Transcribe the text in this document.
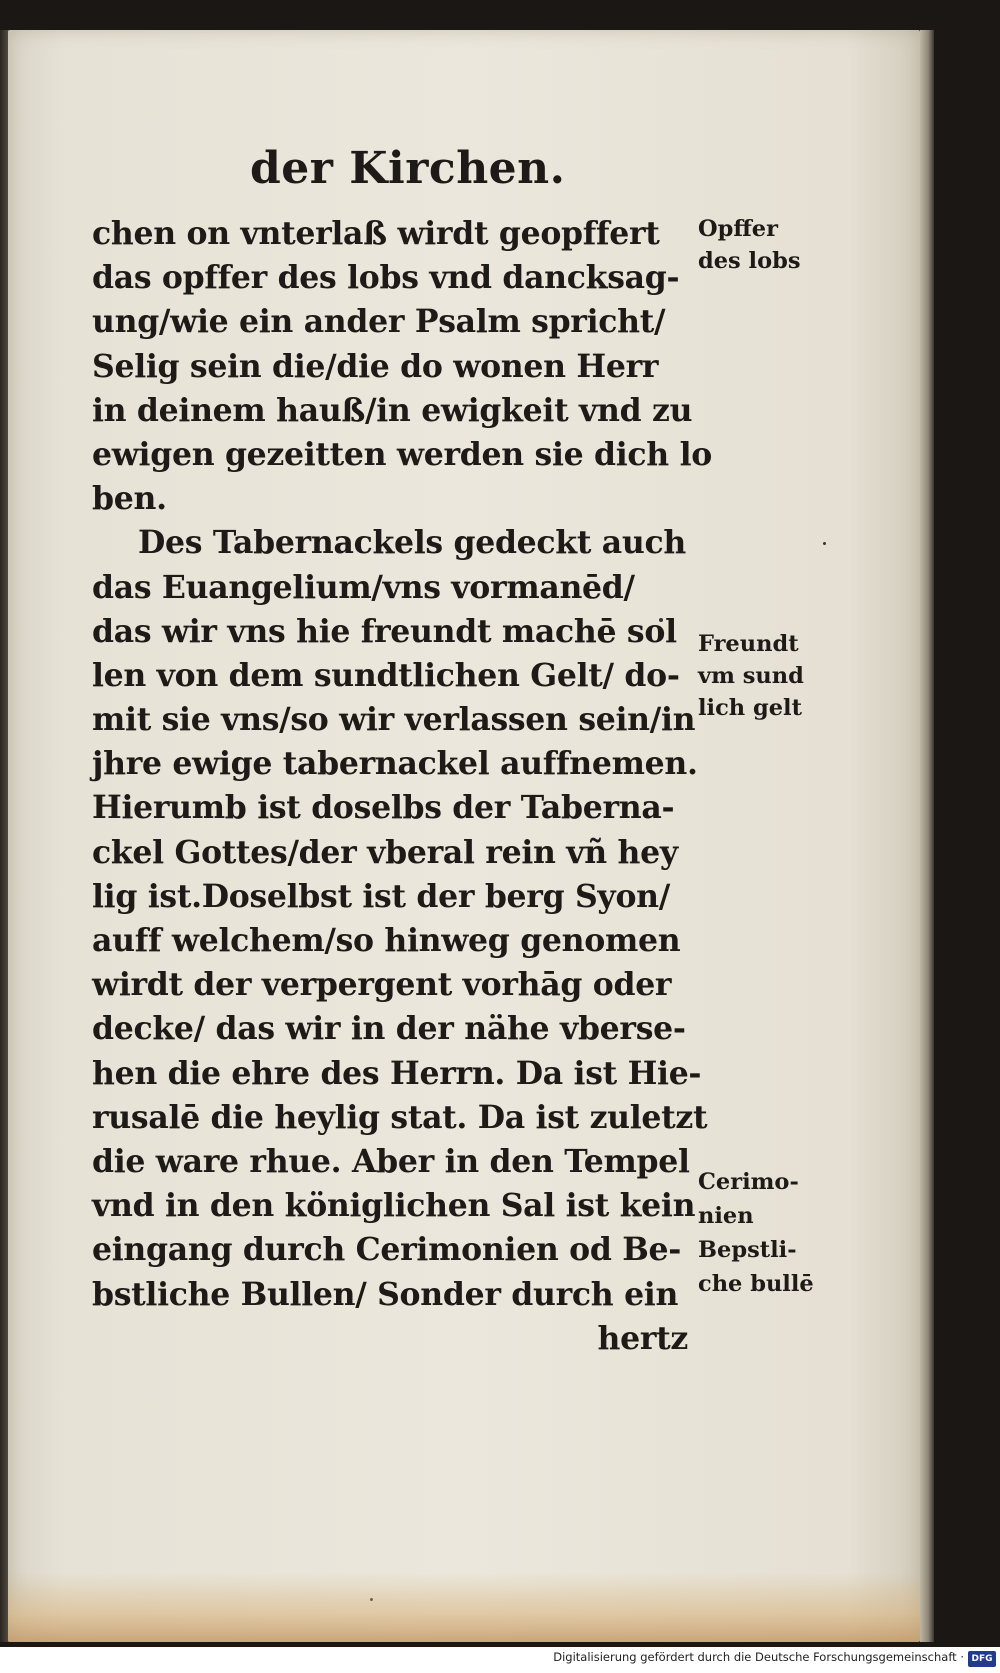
der Kirchen.
chen on vnterlaß wirdt geopffert
das opffer des lobs vnd dancksag-
ung/wie ein ander Psalm spricht/
Selig sein die/die do wonen Herr
in deinem hauß/in ewigkeit vnd zu
ewigen gezeitten werden sie dich lo
ben.
Des Tabernackels gedeckt auch
das Euangelium/vns vormanēd/
das wir vns hie freundt machē sol
len von dem sundtlichen Gelt/ do-
mit sie vns/so wir verlassen sein/in
jhre ewige tabernackel auffnemen.
Hierumb ist doselbs der Taberna-
ckel Gottes/der vberal rein vñ hey
lig ist.Doselbst ist der berg Syon/
auff welchem/so hinweg genomen
wirdt der verpergent vorhāg oder
decke/ das wir in der nähe vberse-
hen die ehre des Herrn. Da ist Hie-
rusalē die heylig stat. Da ist zuletzt
die ware rhue. Aber in den Tempel
vnd in den königlichen Sal ist kein
eingang durch Cerimonien od Be-
bstliche Bullen/ Sonder durch ein
hertz
Opffer
des lobs
Freundt
vm sund
lich gelt
Cerimo-
nien
Bepstli-
che bullē
Digitalisierung gefördert durch die Deutsche Forschungsgemeinschaft · DFG
